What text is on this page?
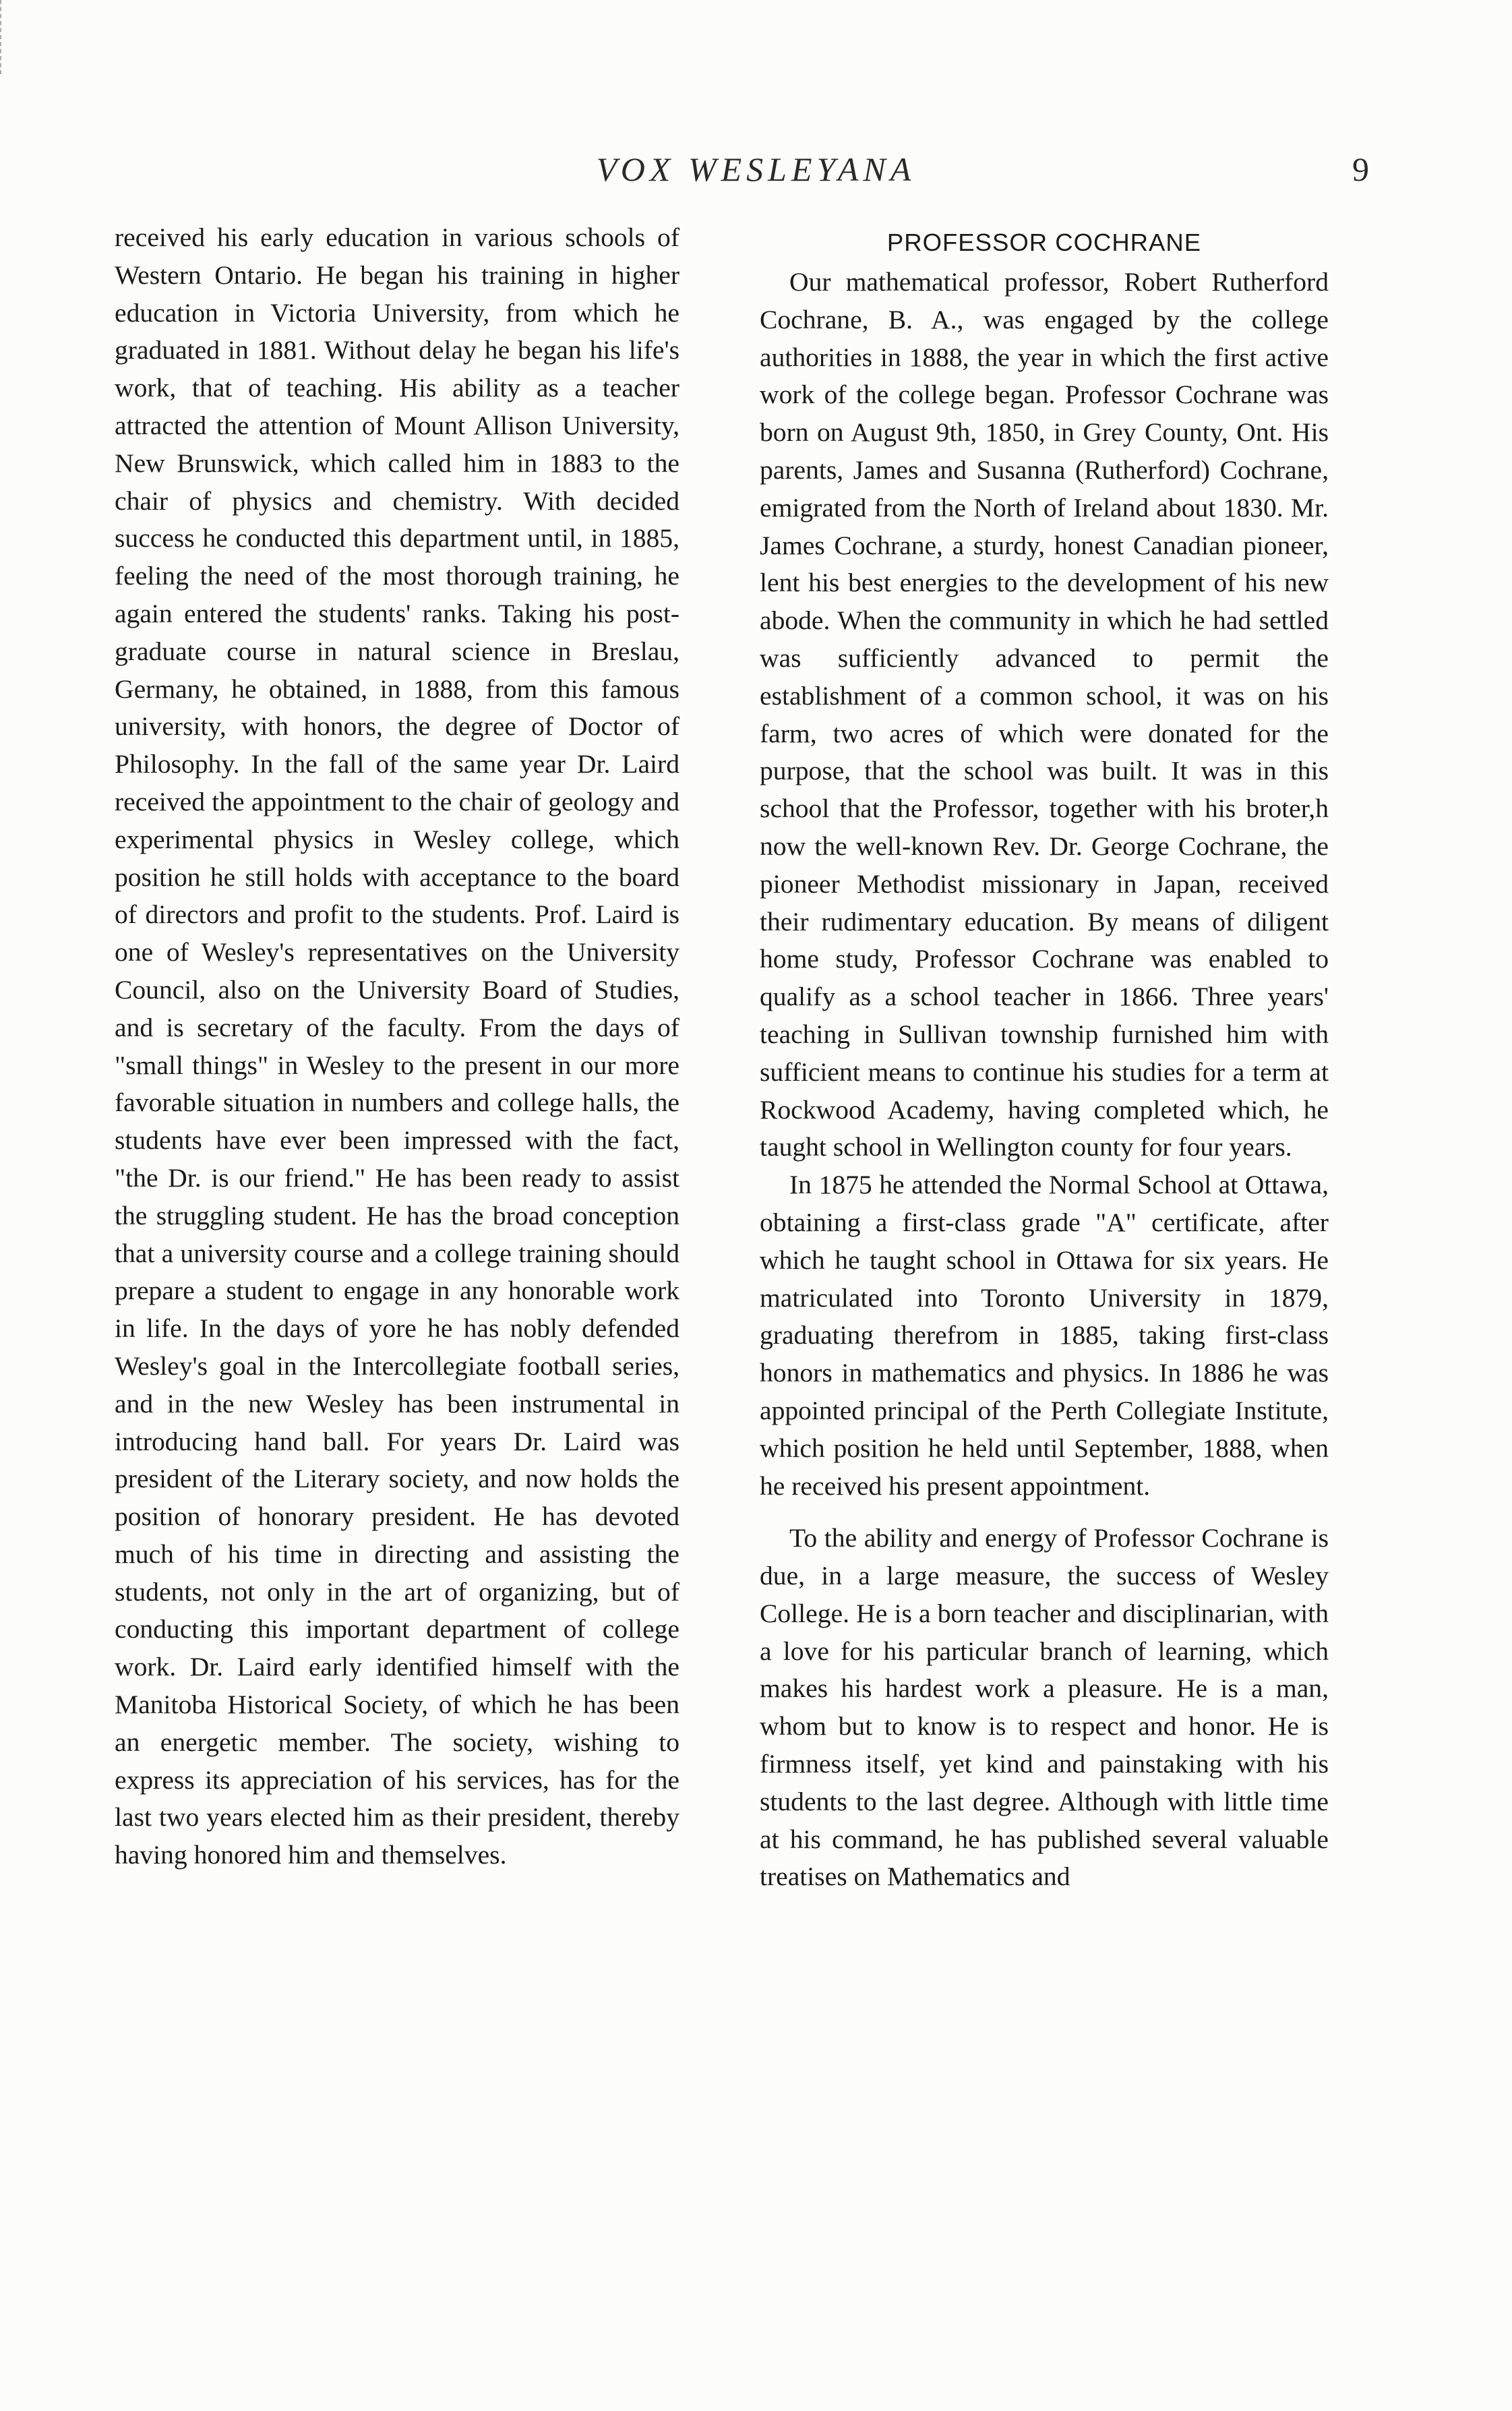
VOX WESLEYANA	9

received his early education in various schools of Western Ontario. He began his training in higher education in Victoria University, from which he graduated in 1881. Without delay he began his life's work, that of teaching. His ability as a teacher attracted the attention of Mount Allison University, New Brunswick, which called him in 1883 to the chair of physics and chemistry. With decided success he conducted this department until, in 1885, feeling the need of the most thorough training, he again entered the students' ranks. Taking his post-graduate course in natural science in Breslau, Germany, he obtained, in 1888, from this famous university, with honors, the degree of Doctor of Philosophy. In the fall of the same year Dr. Laird received the appointment to the chair of geology and experimental physics in Wesley college, which position he still holds with acceptance to the board of directors and profit to the students. Prof. Laird is one of Wesley's representatives on the University Council, also on the University Board of Studies, and is secretary of the faculty. From the days of "small things" in Wesley to the present in our more favorable situation in numbers and college halls, the students have ever been impressed with the fact, "the Dr. is our friend." He has been ready to assist the struggling student. He has the broad conception that a university course and a college training should prepare a student to engage in any honorable work in life. In the days of yore he has nobly defended Wesley's goal in the Intercollegiate football series, and in the new Wesley has been instrumental in introducing hand ball. For years Dr. Laird was president of the Literary society, and now holds the position of honorary president. He has devoted much of his time in directing and assisting the students, not only in the art of organizing, but of conducting this important department of college work. Dr. Laird early identified himself with the Manitoba Historical Society, of which he has been an energetic member. The society, wishing to express its appreciation of his services, has for the last two years elected him as their president, thereby having honored him and themselves.

PROFESSOR COCHRANE

Our mathematical professor, Robert Rutherford Cochrane, B. A., was engaged by the college authorities in 1888, the year in which the first active work of the college began. Professor Cochrane was born on August 9th, 1850, in Grey County, Ont. His parents, James and Susanna (Rutherford) Cochrane, emigrated from the North of Ireland about 1830. Mr. James Cochrane, a sturdy, honest Canadian pioneer, lent his best energies to the development of his new abode. When the community in which he had settled was sufficiently advanced to permit the establishment of a common school, it was on his farm, two acres of which were donated for the purpose, that the school was built. It was in this school that the Professor, together with his broter,h now the well-known Rev. Dr. George Cochrane, the pioneer Methodist missionary in Japan, received their rudimentary education. By means of diligent home study, Professor Cochrane was enabled to qualify as a school teacher in 1866. Three years' teaching in Sullivan township furnished him with sufficient means to continue his studies for a term at Rockwood Academy, having completed which, he taught school in Wellington county for four years.

In 1875 he attended the Normal School at Ottawa, obtaining a first-class grade "A" certificate, after which he taught school in Ottawa for six years. He matriculated into Toronto University in 1879, graduating therefrom in 1885, taking first-class honors in mathematics and physics. In 1886 he was appointed principal of the Perth Collegiate Institute, which position he held until September, 1888, when he received his present appointment.

To the ability and energy of Professor Cochrane is due, in a large measure, the success of Wesley College. He is a born teacher and disciplinarian, with a love for his particular branch of learning, which makes his hardest work a pleasure. He is a man, whom but to know is to respect and honor. He is firmness itself, yet kind and painstaking with his students to the last degree. Although with little time at his command, he has published several valuable treatises on Mathematics and
